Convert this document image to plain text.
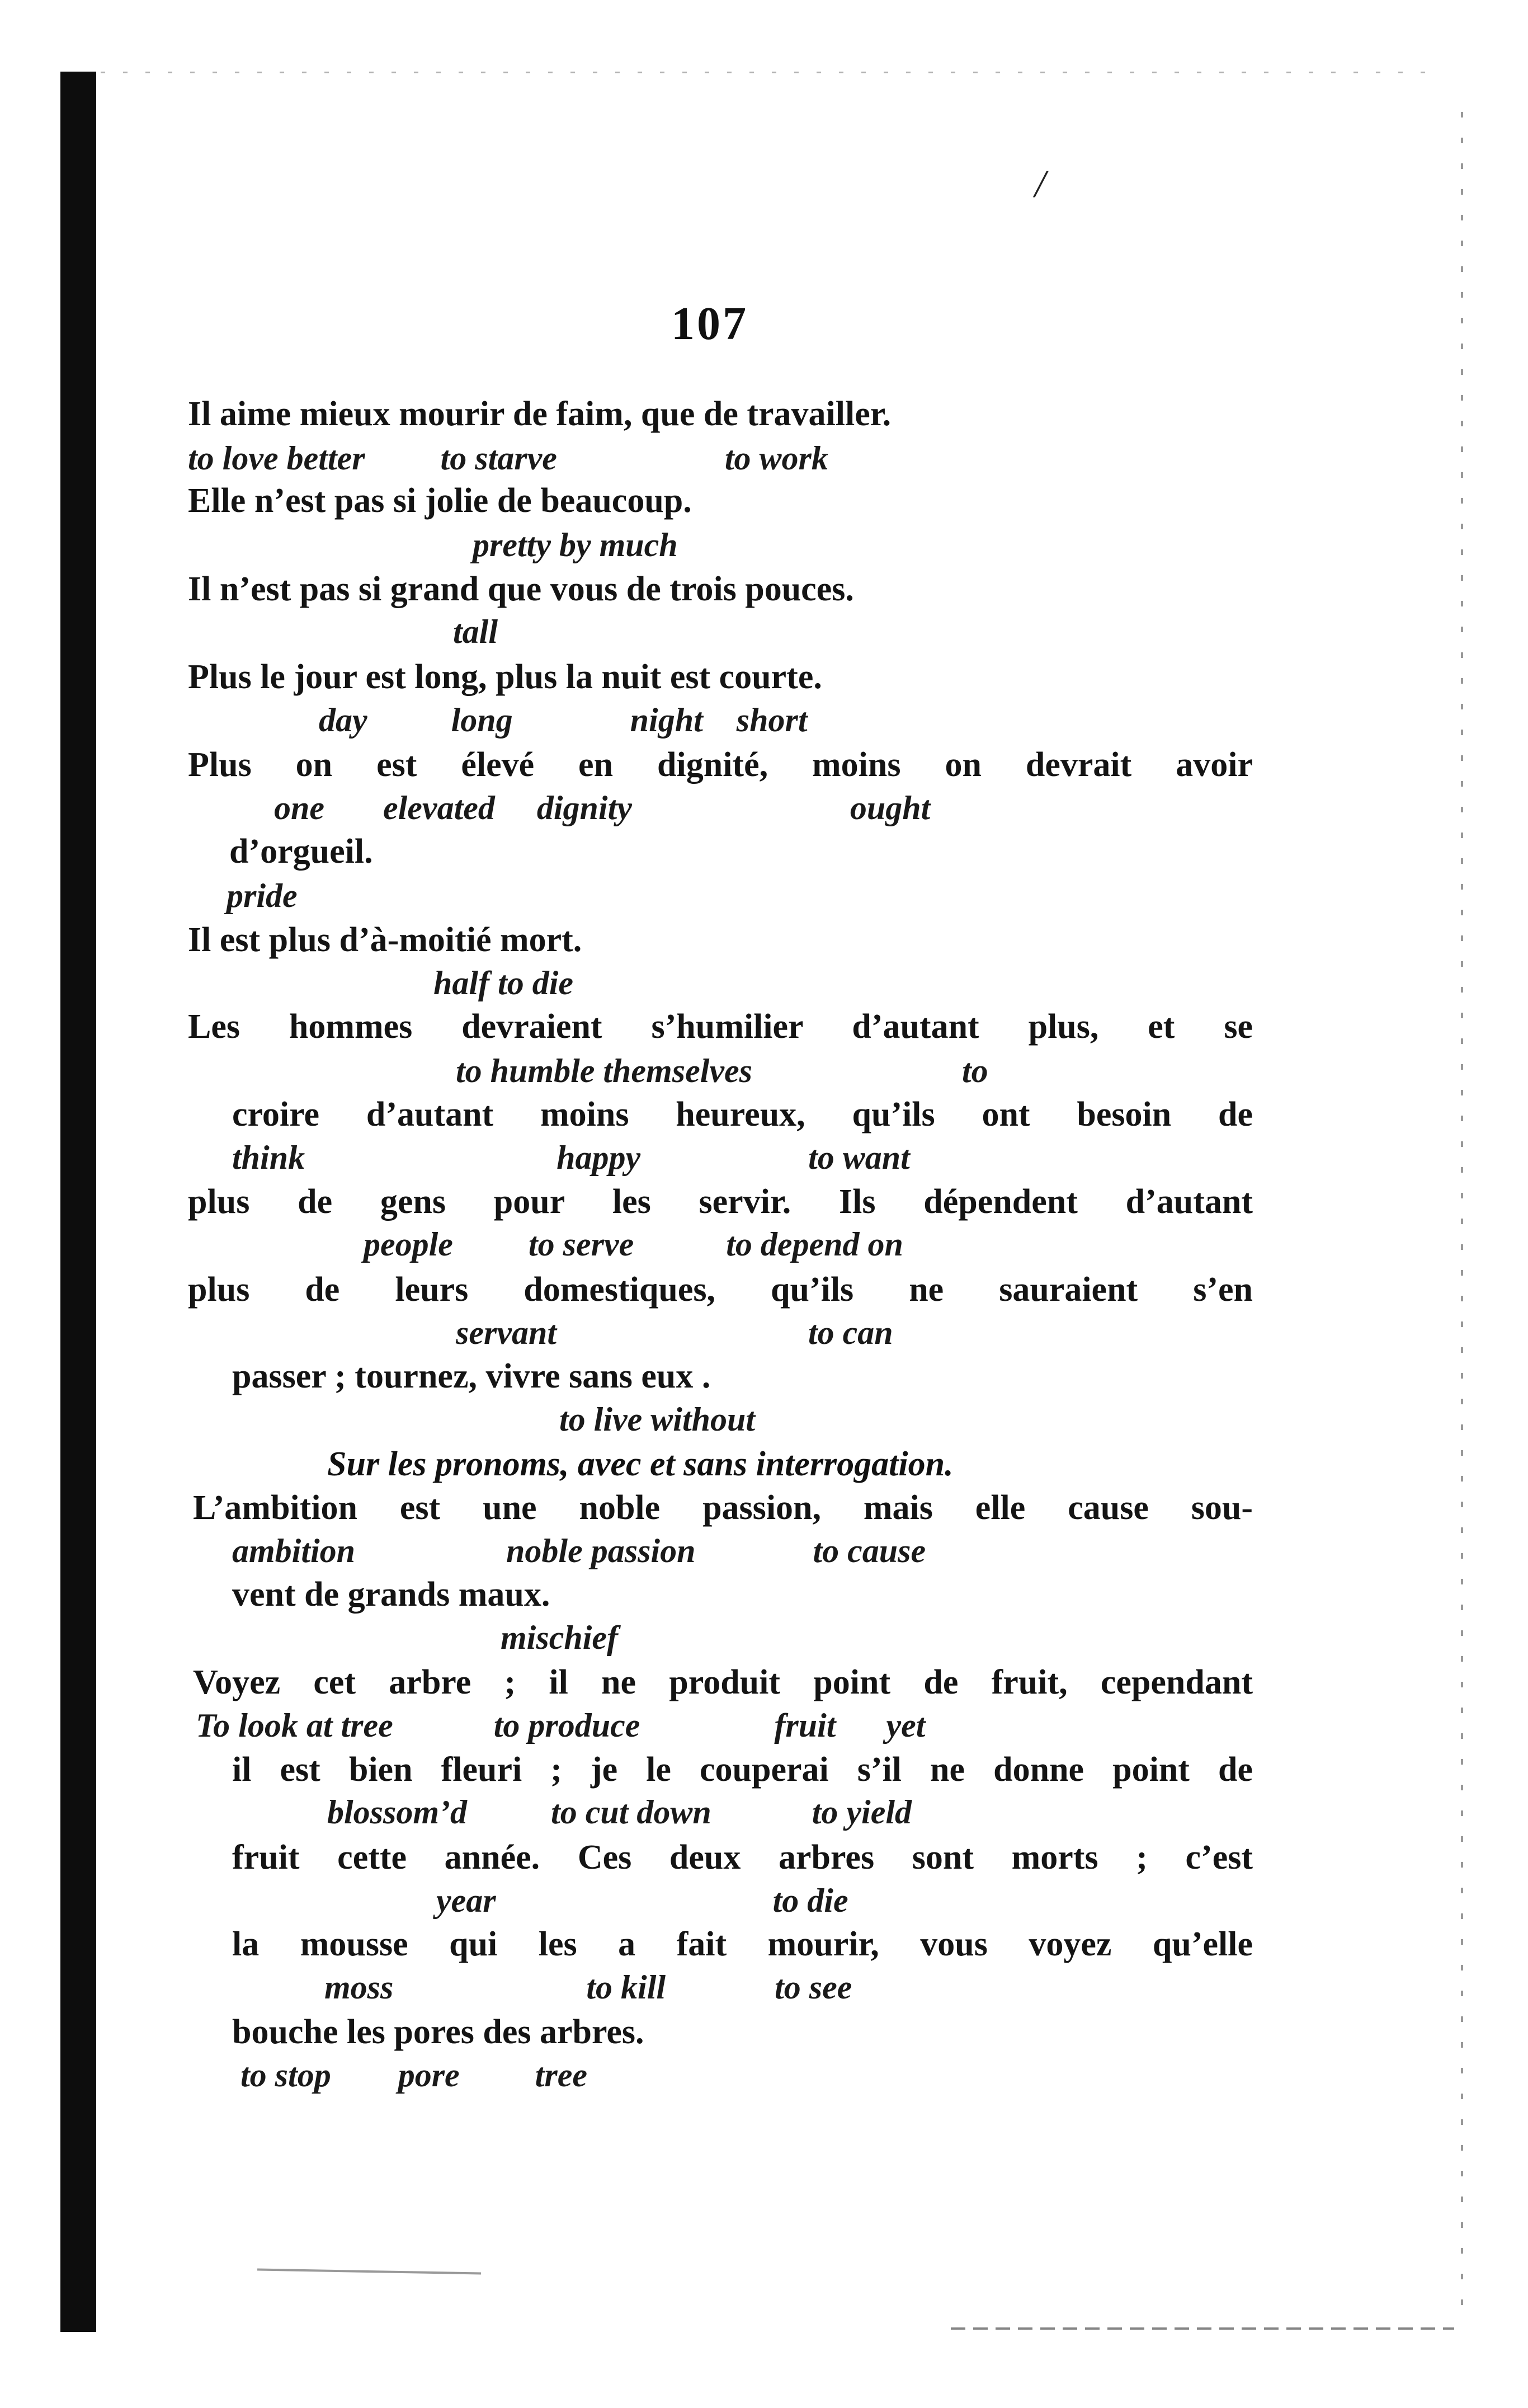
/
107
Il aime mieux mourir de faim, que de travailler.
to love better         to starve                    to work
Elle n’est pas si jolie de beaucoup.
pretty by much
Il n’est pas si grand que vous de trois pouces.
tall
Plus le jour est long, plus la nuit est courte.
day          long              night    short
Plus on est élevé en dignité, moins on devrait avoir
one       elevated     dignity                          ought
d’orgueil.
pride
Il est plus d’à-moitié mort.
half to die
Les hommes devraient s’humilier d’autant plus, et se
to humble themselves                         to
croire d’autant moins heureux, qu’ils ont besoin de
think                              happy                    to want
plus de gens pour les servir. Ils dépendent d’autant
people         to serve           to depend on
plus de leurs domestiques, qu’ils ne sauraient s’en
servant                              to can
passer ; tournez, vivre sans eux .
to live without
Sur les pronoms, avec et sans interrogation.
L’ambition est une noble passion, mais elle cause sou-
ambition                  noble passion              to cause
vent de grands maux.
mischief
Voyez cet arbre ; il ne produit point de fruit, cependant
To look at tree            to produce                fruit      yet
il est bien fleuri ; je le couperai s’il ne donne point de
blossom’d          to cut down            to yield
fruit cette année. Ces deux arbres sont morts ; c’est
year                                 to die
la mousse qui les a fait mourir, vous voyez qu’elle
moss                       to kill             to see
bouche les pores des arbres.
to stop        pore         tree
